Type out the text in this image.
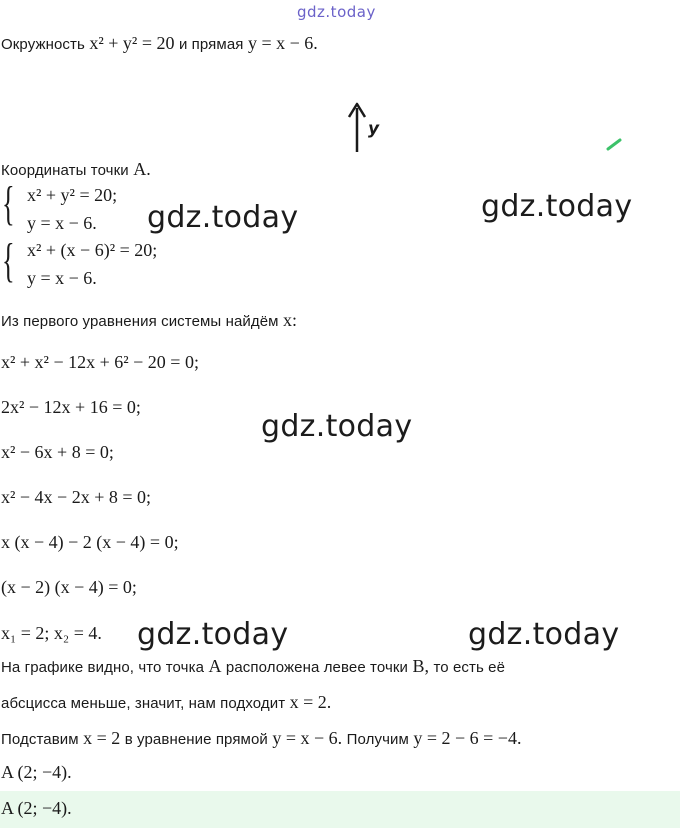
gdz.today
Окружность x² + y² = 20 и прямая y = x − 6.
y
Координаты точки A.
{ x² + y² = 20;
y = x − 6.
{ x² + (x − 6)² = 20;
y = x − 6.
gdz.today	gdz.today
gdz.today
gdz.today	gdz.today
Из первого уравнения системы найдём x:
x² + x² − 12x + 6² − 20 = 0;
2x² − 12x + 16 = 0;
x² − 6x + 8 = 0;
x² − 4x − 2x + 8 = 0;
x (x − 4) − 2 (x − 4) = 0;
(x − 2) (x − 4) = 0;
x₁ = 2; x₂ = 4.
На графике видно, что точка A расположена левее точки B, то есть её
абсцисса меньше, значит, нам подходит x = 2.
Подставим x = 2 в уравнение прямой y = x − 6. Получим y = 2 − 6 = −4.
A (2; −4).
A (2; −4).
